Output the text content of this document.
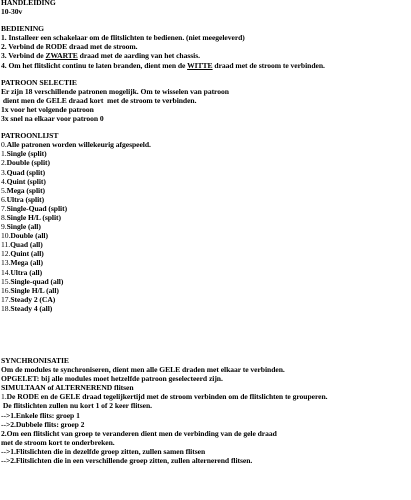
HANDLEIDING
10-30v
BEDIENING
1. Installeer een schakelaar om de flitslichten te bedienen. (niet meegeleverd)
2. Verbind de RODE draad met de stroom.
3. Verbind de ZWARTE draad met de aarding van het chassis.
4. Om het flitslicht continu te laten branden, dient men de WITTE draad met de stroom te verbinden.
PATROON SELECTIE
Er zijn 18 verschillende patronen mogelijk. Om te wisselen van patroon
dient men de GELE draad kort  met de stroom te verbinden.
1x voor het volgende patroon
3x snel na elkaar voor patroon 0
PATROONLIJST
0.Alle patronen worden willekeurig afgespeeld.
1.Single (split)
2.Double (split)
3.Quad (split)
4.Quint (split)
5.Mega (split)
6.Ultra (split)
7.Single-Quad (split)
8.Single H/L (split)
9.Single (all)
10.Double (all)
11.Quad (all)
12.Quint (all)
13.Mega (all)
14.Ultra (all)
15.Single-quad (all)
16.Single H/L (all)
17.Steady 2 (CA)
18.Steady 4 (all)
SYNCHRONISATIE
Om de modules te synchroniseren, dient men alle GELE draden met elkaar te verbinden.
OPGELET: bij alle modules moet hetzelfde patroon geselecteerd zijn.
SIMULTAAN of ALTERNEREND flitsen
1.De RODE en de GELE draad tegelijkertijd met de stroom verbinden om de flitslichten te grouperen.
De flitslichten zullen nu kort 1 of 2 keer flitsen.
-->1.Enkele flits: groep 1
-->2.Dubbele flits: groep 2
2.Om een flitslicht van groep te veranderen dient men de verbinding van de gele draad
met de stroom kort te onderbreken.
-->1.Flitslichten die in dezelfde groep zitten, zullen samen flitsen
-->2.Flitslichten die in een verschillende groep zitten, zullen alternerend flitsen.
